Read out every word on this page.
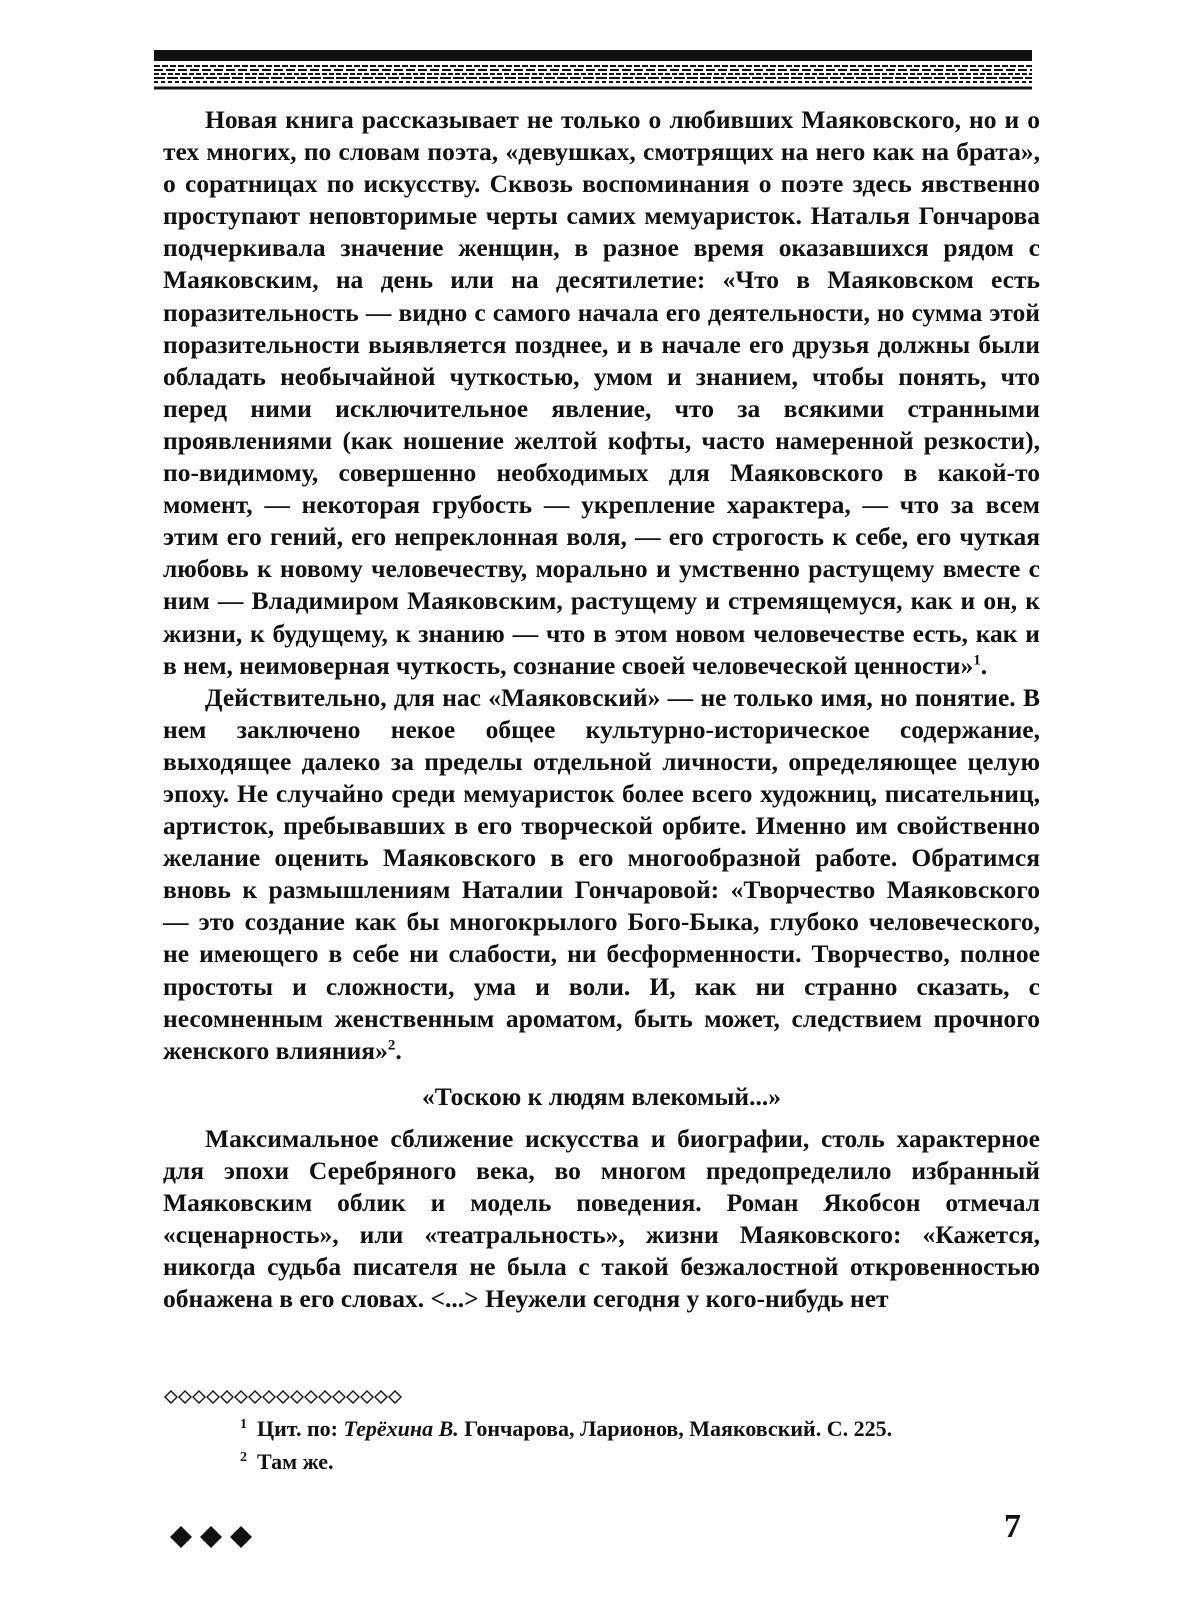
Новая книга рассказывает не только о любивших Маяковского, но и о тех многих, по словам поэта, «девушках, смотрящих на него как на брата», о соратницах по искусству. Сквозь воспоминания о поэте здесь явственно проступают неповторимые черты самих мемуаристок. Наталья Гончарова подчеркивала значение женщин, в разное время оказавшихся рядом с Маяковским, на день или на десятилетие: «Что в Маяковском есть поразительность — видно с самого начала его деятельности, но сумма этой поразительности выявляется позднее, и в начале его друзья должны были обладать необычайной чуткостью, умом и знанием, чтобы понять, что перед ними исключительное явление, что за всякими странными проявлениями (как ношение желтой кофты, часто намеренной резкости), по-видимому, совершенно необходимых для Маяковского в какой-то момент, — некоторая грубость — укрепление характера, — что за всем этим его гений, его непреклонная воля, — его строгость к себе, его чуткая любовь к новому человечеству, морально и умственно растущему вместе с ним — Владимиром Маяковским, растущему и стремящемуся, как и он, к жизни, к будущему, к знанию — что в этом новом человечестве есть, как и в нем, неимоверная чуткость, сознание своей человеческой ценности»$^1$.

Действительно, для нас «Маяковский» — не только имя, но понятие. В нем заключено некое общее культурно-историческое содержание, выходящее далеко за пределы отдельной личности, определяющее целую эпоху. Не случайно среди мемуаристок более всего художниц, писательниц, артисток, пребывавших в его творческой орбите. Именно им свойственно желание оценить Маяковского в его многообразной работе. Обратимся вновь к размышлениям Наталии Гончаровой: «Творчество Маяковского — это создание как бы многокрылого Бого-Быка, глубоко человеческого, не имеющего в себе ни слабости, ни бесформенности. Творчество, полное простоты и сложности, ума и воли. И, как ни странно сказать, с несомненным женственным ароматом, быть может, следствием прочного женского влияния»$^2$.

«Тоскою к людям влекомый...»

Максимальное сближение искусства и биографии, столь характерное для эпохи Серебряного века, во многом предопределило избранный Маяковским облик и модель поведения. Роман Якобсон отмечал «сценарность», или «театральность», жизни Маяковского: «Кажется, никогда судьба писателя не была с такой безжалостной откровенностью обнажена в его словах. <...> Неужели сегодня у кого-нибудь нет

$^1$ Цит. по: Терёхина В. Гончарова, Ларионов, Маяковский. С. 225.
$^2$ Там же.
7
